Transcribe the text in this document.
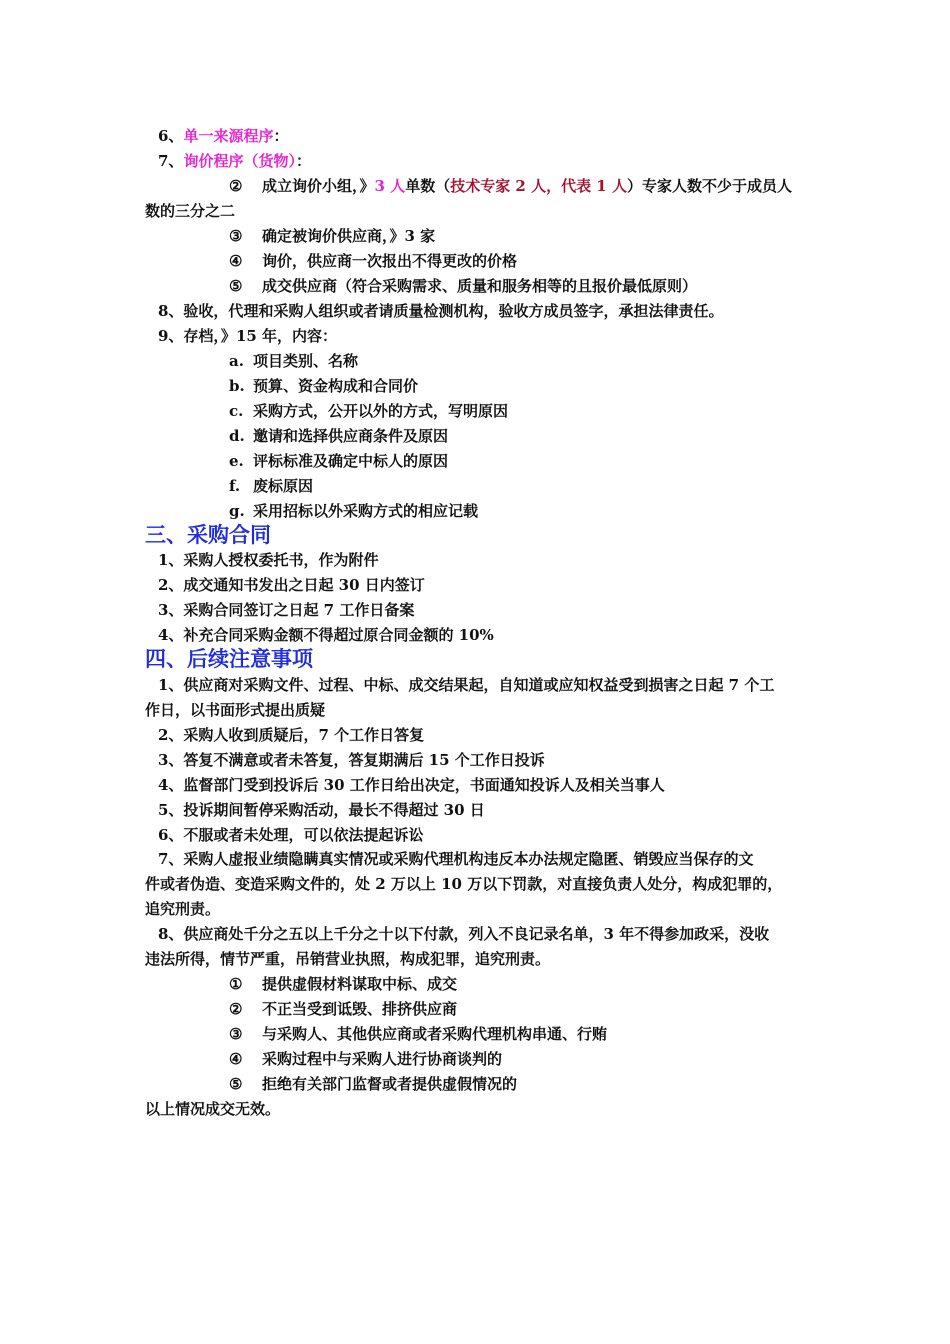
6、单一来源程序：
7、询价程序（货物）：
② 成立询价小组，》3 人单数（技术专家 2 人，代表 1 人）专家人数不少于成员人
数的三分之二
③ 确定被询价供应商，》3 家
④ 询价，供应商一次报出不得更改的价格
⑤ 成交供应商（符合采购需求、质量和服务相等的且报价最低原则）
8、验收，代理和采购人组织或者请质量检测机构，验收方成员签字，承担法律责任。
9、存档，》15 年，内容：
a. 项目类别、名称
b. 预算、资金构成和合同价
c. 采购方式，公开以外的方式，写明原因
d. 邀请和选择供应商条件及原因
e. 评标标准及确定中标人的原因
f. 废标原因
g. 采用招标以外采购方式的相应记载
三、采购合同
1、采购人授权委托书，作为附件
2、成交通知书发出之日起 30 日内签订
3、采购合同签订之日起 7 工作日备案
4、补充合同采购金额不得超过原合同金额的 10%
四、后续注意事项
1、供应商对采购文件、过程、中标、成交结果起，自知道或应知权益受到损害之日起 7 个工
作日，以书面形式提出质疑
2、采购人收到质疑后，7 个工作日答复
3、答复不满意或者未答复，答复期满后 15 个工作日投诉
4、监督部门受到投诉后 30 工作日给出决定，书面通知投诉人及相关当事人
5、投诉期间暂停采购活动，最长不得超过 30 日
6、不服或者未处理，可以依法提起诉讼
7、采购人虚报业绩隐瞒真实情况或采购代理机构违反本办法规定隐匿、销毁应当保存的文
件或者伪造、变造采购文件的，处 2 万以上 10 万以下罚款，对直接负责人处分，构成犯罪的，
追究刑责。
8、供应商处千分之五以上千分之十以下付款，列入不良记录名单，3 年不得参加政采，没收
违法所得，情节严重，吊销营业执照，构成犯罪，追究刑责。
① 提供虚假材料谋取中标、成交
② 不正当受到诋毁、排挤供应商
③ 与采购人、其他供应商或者采购代理机构串通、行贿
④ 采购过程中与采购人进行协商谈判的
⑤ 拒绝有关部门监督或者提供虚假情况的
以上情况成交无效。
